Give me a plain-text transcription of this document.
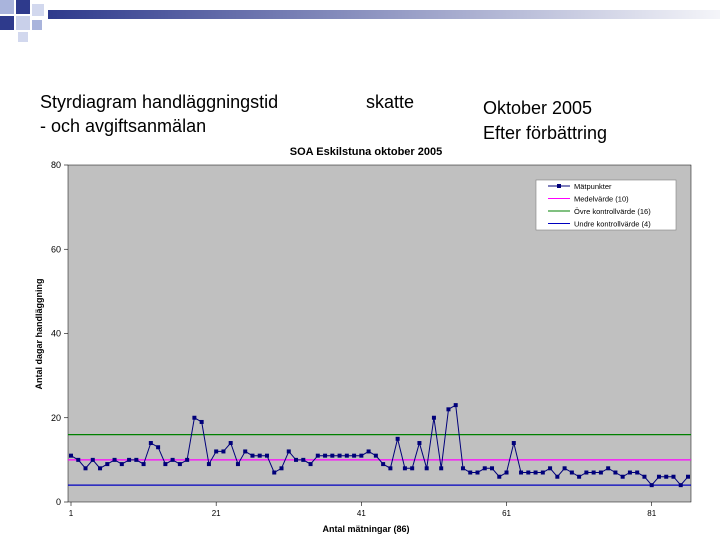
Styrdiagram handläggningstid
- och avgiftsanmälan
skatte	Oktober 2005
Efter förbättring
SOA Eskilstuna oktober 2005
0
20
40
60
80
1	21	41	61	81
Antal mätningar (86)
Antal dagar handläggning
Mätpunkter
Medelvärde (10)
Övre kontrollvärde (16)
Undre kontrollvärde (4)
